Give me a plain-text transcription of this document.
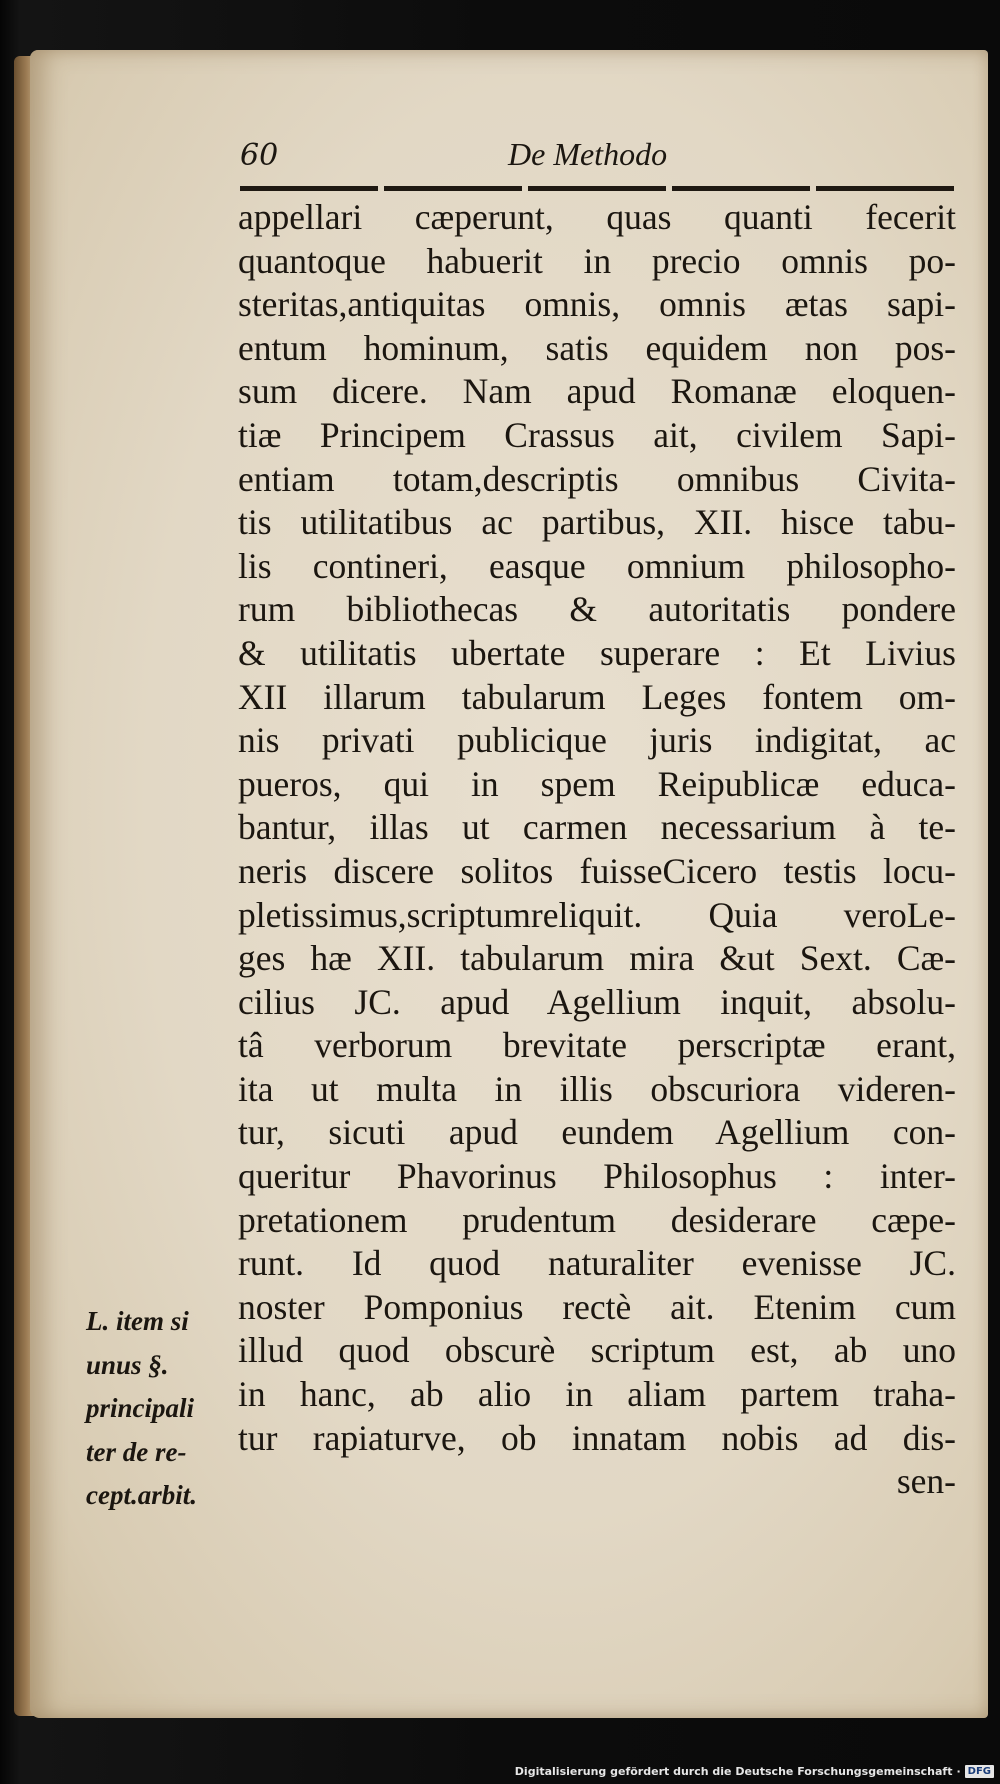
60	De Methodo
appellari cæperunt, quas quanti fecerit
quantoque habuerit in precio omnis po-
steritas,antiquitas omnis, omnis ætas sapi-
entum hominum, satis equidem non pos-
sum dicere. Nam apud Romanæ eloquen-
tiæ Principem Crassus ait, civilem Sapi-
entiam totam,descriptis omnibus Civita-
tis utilitatibus ac partibus, XII. hisce tabu-
lis contineri, easque omnium philosopho-
rum bibliothecas & autoritatis pondere
& utilitatis ubertate superare : Et Livius
XII illarum tabularum Leges fontem om-
nis privati publicique juris indigitat, ac
pueros, qui in spem Reipublicæ educa-
bantur, illas ut carmen necessarium à te-
neris discere solitos fuisseCicero testis locu-
pletissimus,scriptumreliquit. Quia veroLe-
ges hæ XII. tabularum mira &ut Sext. Cæ-
cilius JC. apud Agellium inquit, absolu-
tâ verborum brevitate perscriptæ erant,
ita ut multa in illis obscuriora videren-
tur, sicuti apud eundem Agellium con-
queritur Phavorinus Philosophus : inter-
pretationem prudentum desiderare cæpe-
runt. Id quod naturaliter evenisse JC.
noster Pomponius rectè ait. Etenim cum
illud quod obscurè scriptum est, ab uno
in hanc, ab alio in aliam partem traha-
tur rapiaturve, ob innatam nobis ad dis-
sen-
L. item si
unus §.
principali
ter de re-
cept.arbit.
Digitalisierung gefördert durch die Deutsche Forschungsgemeinschaft · DFG
